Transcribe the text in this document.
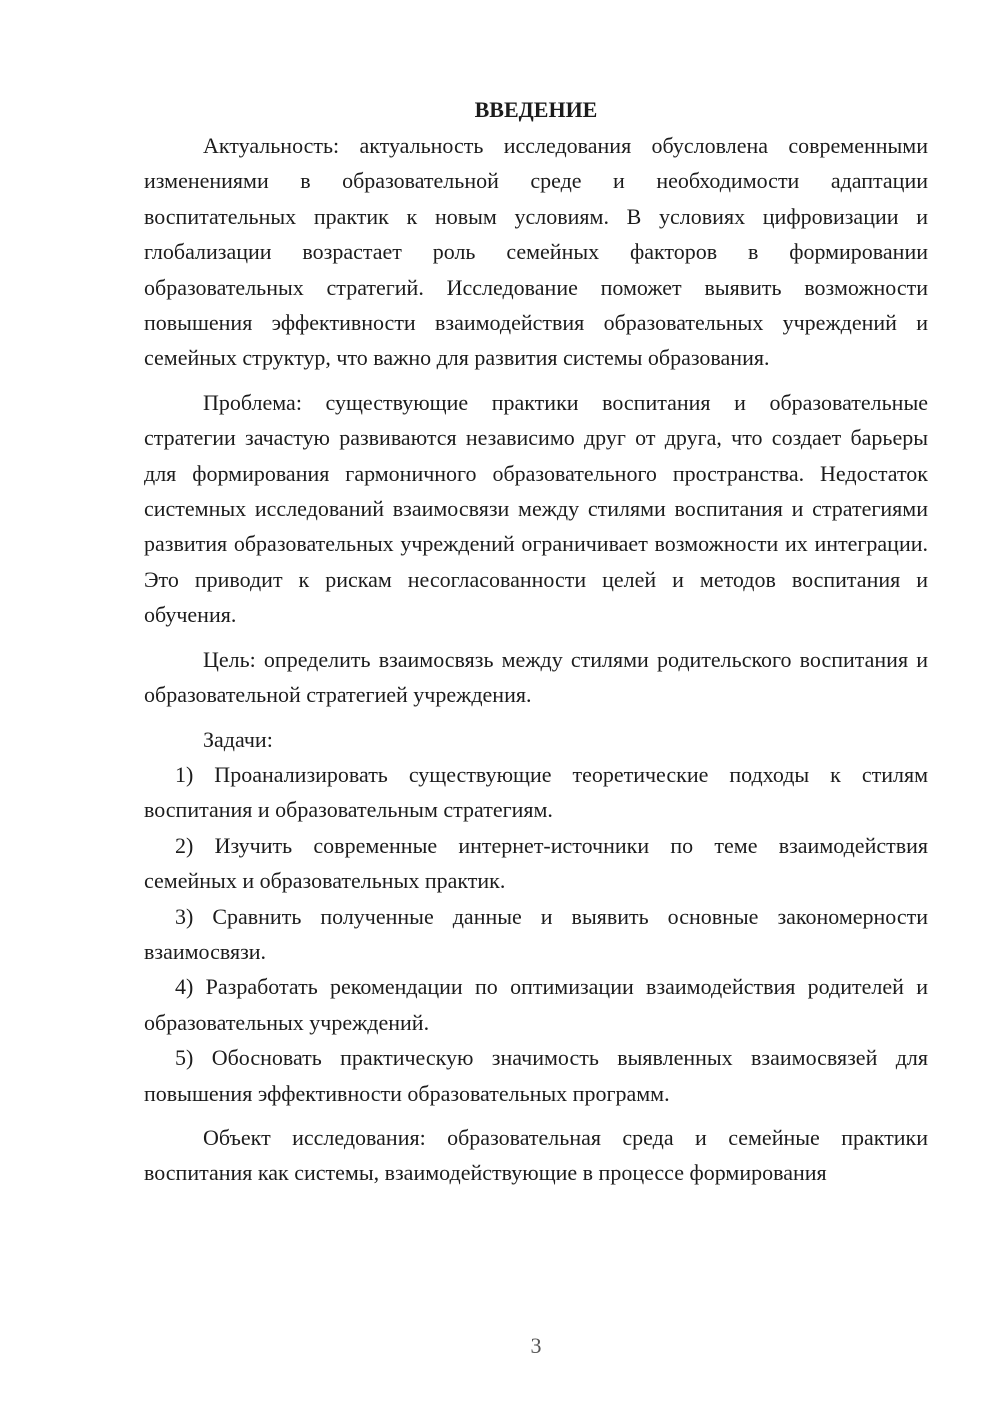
ВВЕДЕНИЕ

Актуальность: актуальность исследования обусловлена современными изменениями в образовательной среде и необходимости адаптации воспитательных практик к новым условиям. В условиях цифровизации и глобализации возрастает роль семейных факторов в формировании образовательных стратегий. Исследование поможет выявить возможности повышения эффективности взаимодействия образовательных учреждений и семейных структур, что важно для развития системы образования.

Проблема: существующие практики воспитания и образовательные стратегии зачастую развиваются независимо друг от друга, что создает барьеры для формирования гармоничного образовательного пространства. Недостаток системных исследований взаимосвязи между стилями воспитания и стратегиями развития образовательных учреждений ограничивает возможности их интеграции. Это приводит к рискам несогласованности целей и методов воспитания и обучения.

Цель: определить взаимосвязь между стилями родительского воспитания и образовательной стратегией учреждения.

Задачи:

1) Проанализировать существующие теоретические подходы к стилям воспитания и образовательным стратегиям.

2) Изучить современные интернет-источники по теме взаимодействия семейных и образовательных практик.

3) Сравнить полученные данные и выявить основные закономерности взаимосвязи.

4) Разработать рекомендации по оптимизации взаимодействия родителей и образовательных учреждений.

5) Обосновать практическую значимость выявленных взаимосвязей для повышения эффективности образовательных программ.

Объект исследования: образовательная среда и семейные практики воспитания как системы, взаимодействующие в процессе формирования

3
